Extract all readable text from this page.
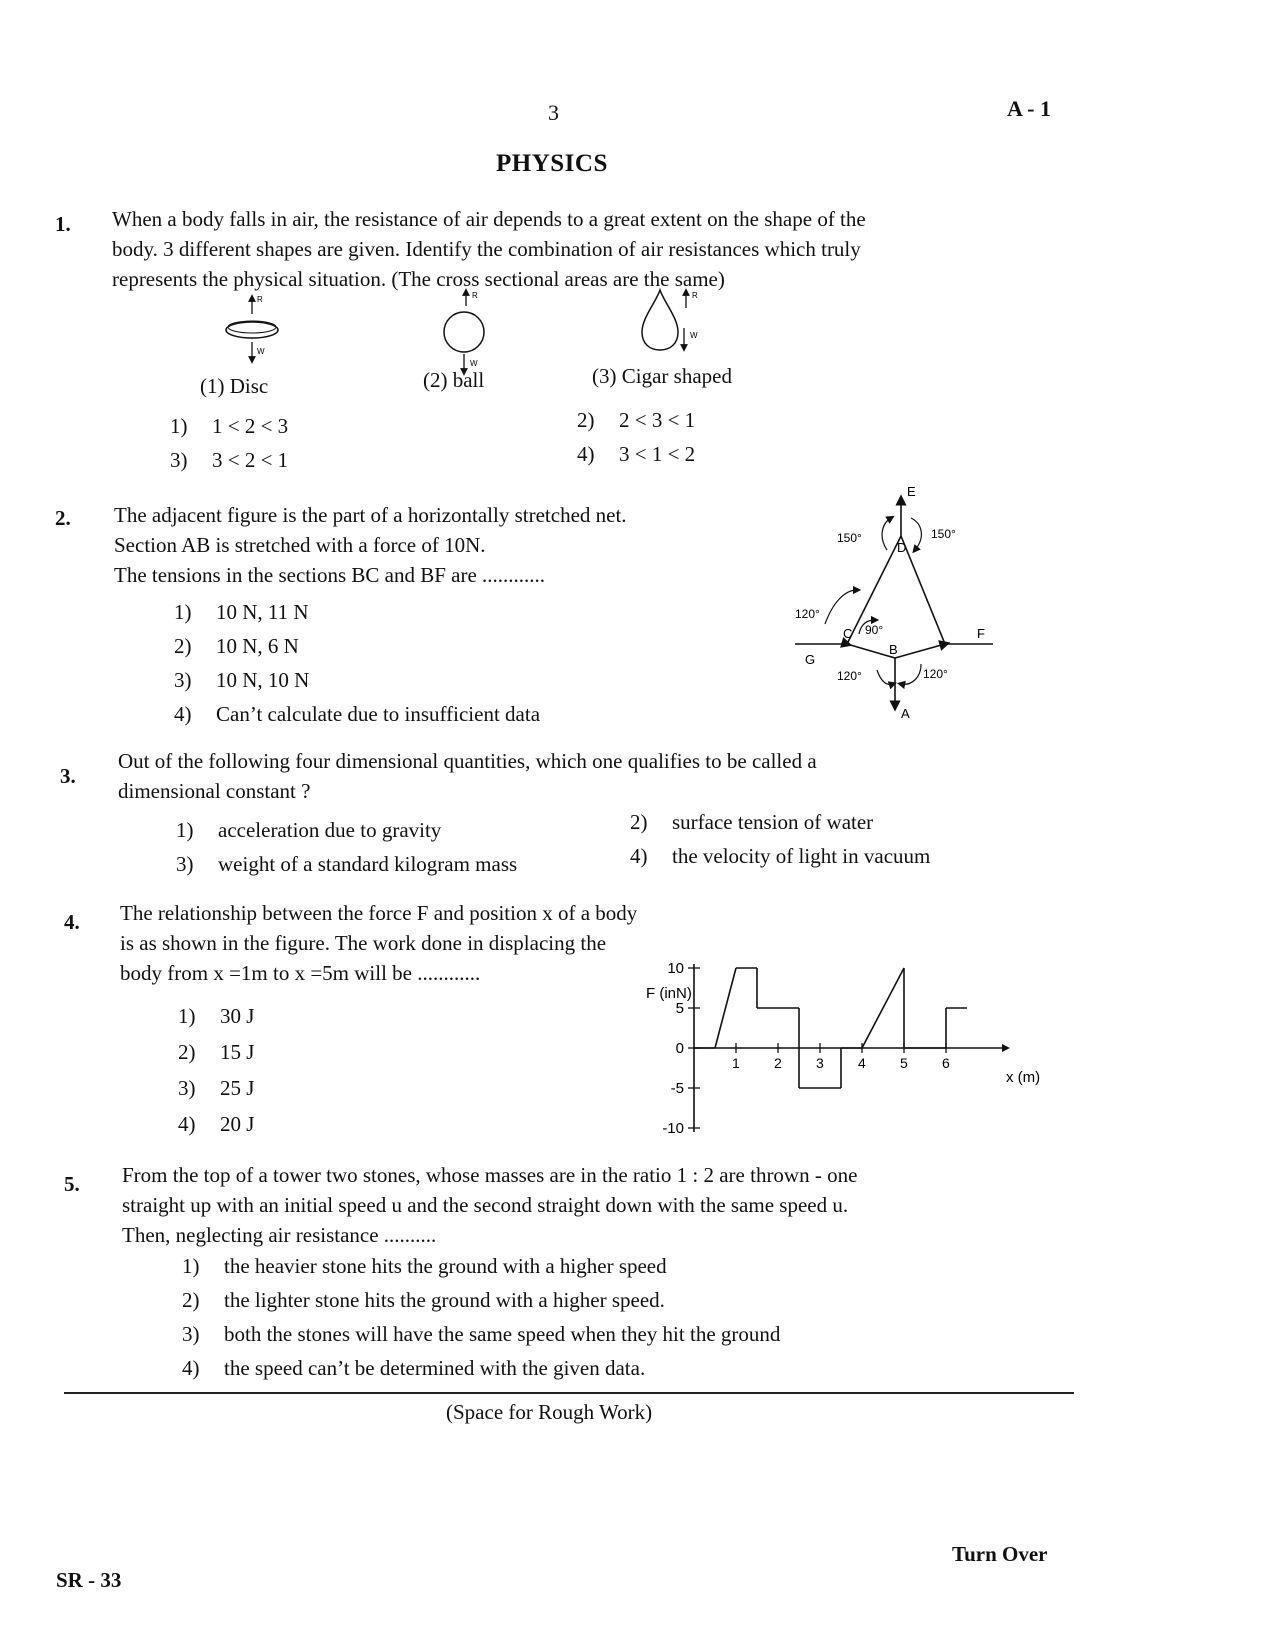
3	A - 1
PHYSICS
1. When a body falls in air, the resistance of air depends to a great extent on the shape of the
body. 3 different shapes are given. Identify the combination of air resistances which truly
represents the physical situation. (The cross sectional areas are the same)
R
W
R
W
R
W
(1) Disc	(2) ball	(3) Cigar shaped
1) 1 < 2 < 3	2) 2 < 3 < 1
3) 3 < 2 < 1	4) 3 < 1 < 2
2. The adjacent figure is the part of a horizontally stretched net.
Section AB is stretched with a force of 10N.
The tensions in the sections BC and BF are ............
1) 10 N, 11 N
2) 10 N, 6 N
3) 10 N, 10 N
4) Can’t calculate due to insufficient data
E
D
C
B
F
G
A
150°	150°
120°
90°
120°	120°
3.
Out of the following four dimensional quantities, which one qualifies to be called a
dimensional constant ?
1) acceleration due to gravity	2) surface tension of water
3) weight of a standard kilogram mass	4) the velocity of light in vacuum
4. The relationship between the force F and position x of a body
is as shown in the figure. The work done in displacing the
body from x =1m to x =5m will be ............
1) 30 J
2) 15 J
3) 25 J
4) 20 J
10
5
0
-5
-10
1 2 3 4 5 6
F (inN)
x (m)
5. From the top of a tower two stones, whose masses are in the ratio 1 : 2 are thrown - one
straight up with an initial speed u and the second straight down with the same speed u.
Then, neglecting air resistance ..........
1) the heavier stone hits the ground with a higher speed
2) the lighter stone hits the ground with a higher speed.
3) both the stones will have the same speed when they hit the ground
4) the speed can’t be determined with the given data.
(Space for Rough Work)
SR - 33
Turn Over
